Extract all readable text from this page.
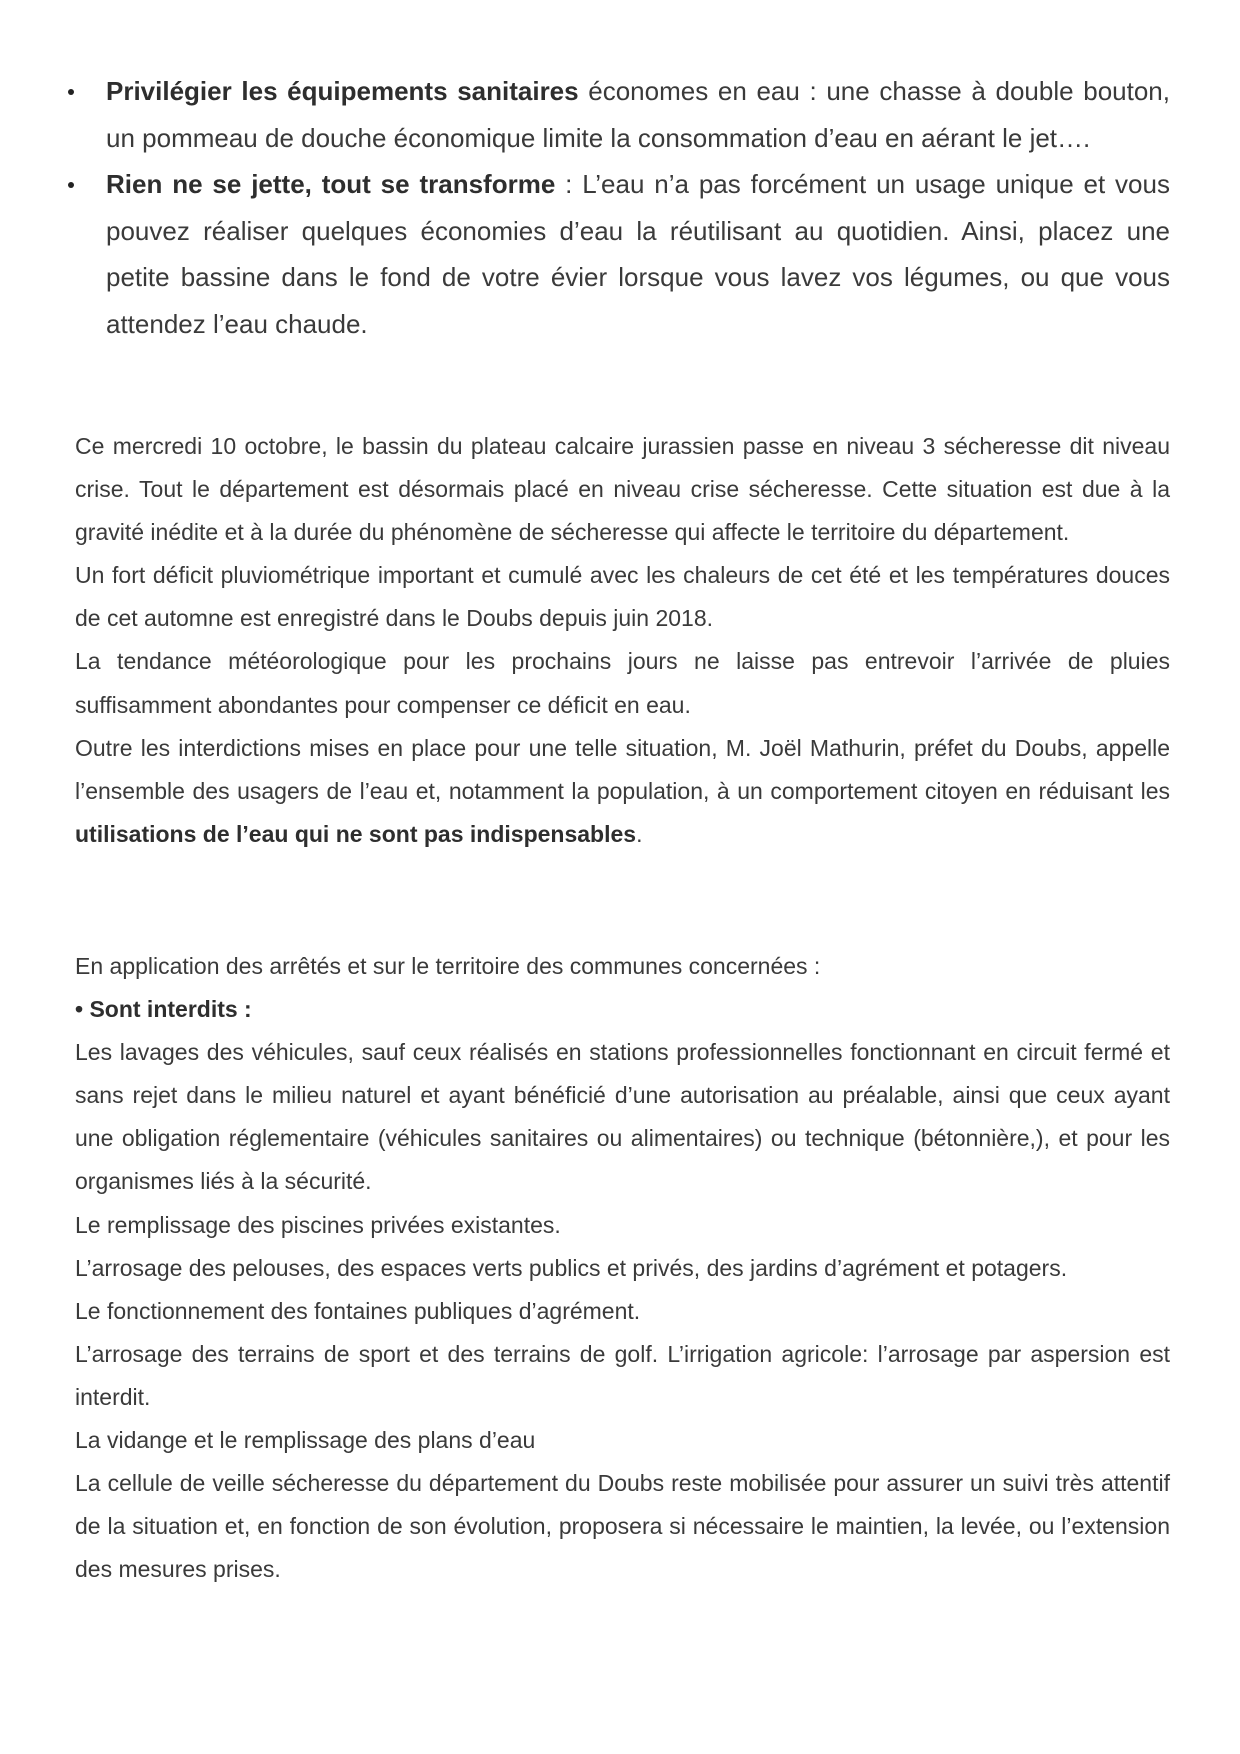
Privilégier les équipements sanitaires économes en eau : une chasse à double bouton, un pommeau de douche économique limite la consommation d’eau en aérant le jet….
Rien ne se jette, tout se transforme : L’eau n’a pas forcément un usage unique et vous pouvez réaliser quelques économies d’eau la réutilisant au quotidien. Ainsi, placez une petite bassine dans le fond de votre évier lorsque vous lavez vos légumes, ou que vous attendez l’eau chaude.

Ce mercredi 10 octobre, le bassin du plateau calcaire jurassien passe en niveau 3 sécheresse dit niveau crise. Tout le département est désormais placé en niveau crise sécheresse. Cette situation est due à la gravité inédite et à la durée du phénomène de sécheresse qui affecte le territoire du département.

Un fort déficit pluviométrique important et cumulé avec les chaleurs de cet été et les températures douces de cet automne est enregistré dans le Doubs depuis juin 2018.

La tendance météorologique pour les prochains jours ne laisse pas entrevoir l’arrivée de pluies suffisamment abondantes pour compenser ce déficit en eau.

Outre les interdictions mises en place pour une telle situation, M. Joël Mathurin, préfet du Doubs, appelle l’ensemble des usagers de l’eau et, notamment la population, à un comportement citoyen en réduisant les utilisations de l’eau qui ne sont pas indispensables.

En application des arrêtés et sur le territoire des communes concernées :

• Sont interdits :

Les lavages des véhicules, sauf ceux réalisés en stations professionnelles fonctionnant en circuit fermé et sans rejet dans le milieu naturel et ayant bénéficié d’une autorisation au préalable, ainsi que ceux ayant une obligation réglementaire (véhicules sanitaires ou alimentaires) ou technique (bétonnière,), et pour les organismes liés à la sécurité.

Le remplissage des piscines privées existantes.

L’arrosage des pelouses, des espaces verts publics et privés, des jardins d’agrément et potagers.

Le fonctionnement des fontaines publiques d’agrément.

L’arrosage des terrains de sport et des terrains de golf. L’irrigation agricole: l’arrosage par aspersion est interdit.

La vidange et le remplissage des plans d’eau

La cellule de veille sécheresse du département du Doubs reste mobilisée pour assurer un suivi très attentif de la situation et, en fonction de son évolution, proposera si nécessaire le maintien, la levée, ou l’extension des mesures prises.
